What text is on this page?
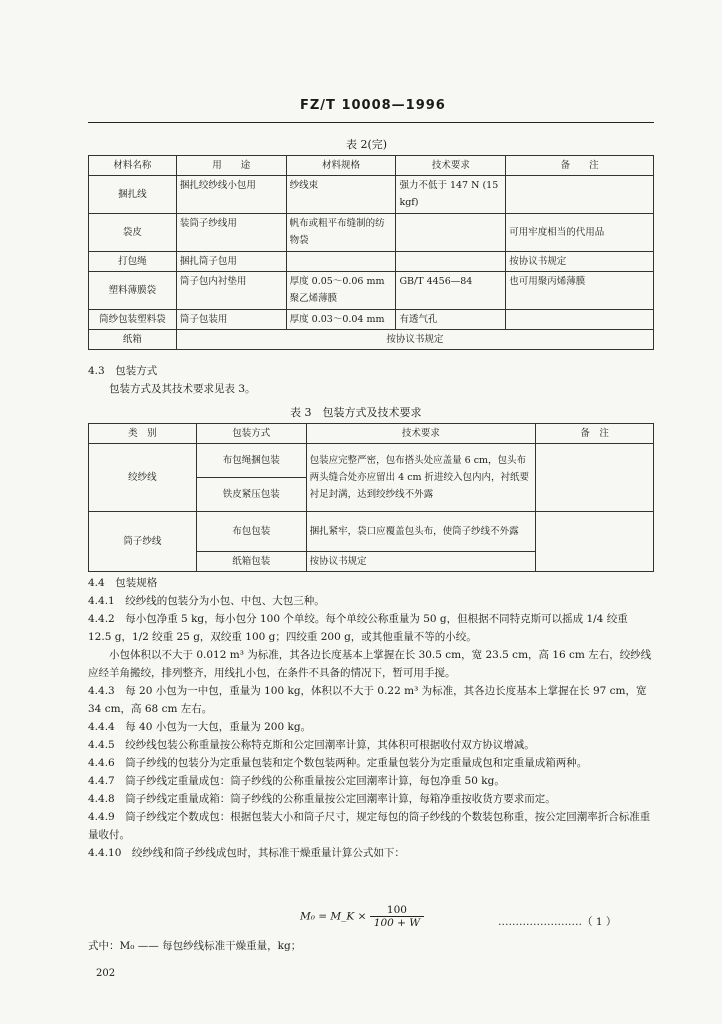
FZ/T 10008—1996
表 2(完)
材料名称	用　　途	材料规格	技术要求	备　　注
捆扎线	捆扎绞纱线小包用	纱线束	强力不低于 147 N (15 kgf)	
袋皮	装筒子纱线用	帆布或粗平布缝制的纺物袋		可用牢度相当的代用品
打包绳	捆扎筒子包用			按协议书规定
塑料薄膜袋	筒子包内衬垫用	厚度 0.05～0.06 mm 聚乙烯薄膜	GB/T 4456—84	也可用聚丙烯薄膜
筒纱包装塑料袋	筒子包装用	厚度 0.03～0.04 mm	有透气孔	
纸箱	按协议书规定			

4.3　包装方式

包装方式及其技术要求见表 3。

表 3　包装方式及技术要求
类　别	包装方式	技术要求	备　注
绞纱线	布包绳捆包装	包装应完整严密，包布搭头处应盖量 6 cm，包头布两头缝合处亦应留出 4 cm 折进绞入包内内，衬纸要衬足封满，达到绞纱线不外露	
	铁皮紧压包装		
筒子纱线	布包包装	捆扎紧牢，袋口应覆盖包头布，使筒子纱线不外露	
	纸箱包装	按协议书规定	

4.4　包装规格

4.4.1　绞纱线的包装分为小包、中包、大包三种。

4.4.2　每小包净重 5 kg，每小包分 100 个单绞。每个单绞公称重量为 50 g，但根据不同特克斯可以摇成 1/4 绞重 12.5 g，1/2 绞重 25 g，双绞重 100 g；四绞重 200 g，或其他重量不等的小绞。

小包体积以不大于 0.012 m³ 为标准，其各边长度基本上掌握在长 30.5 cm，宽 23.5 cm，高 16 cm 左右，绞纱线应经羊角搬绞，排列整齐，用线扎小包，在条件不具备的情况下，暂可用手搅。

4.4.3　每 20 小包为一中包，重量为 100 kg，体积以不大于 0.22 m³ 为标准，其各边长度基本上掌握在长 97 cm，宽 34 cm，高 68 cm 左右。

4.4.4　每 40 小包为一大包，重量为 200 kg。

4.4.5　绞纱线包装公称重量按公称特克斯和公定回潮率计算，其体积可根据收付双方协议增减。

4.4.6　筒子纱线的包装分为定重量包装和定个数包装两种。定重量包装分为定重量成包和定重量成箱两种。

4.4.7　筒子纱线定重量成包：筒子纱线的公称重量按公定回潮率计算，每包净重 50 kg。

4.4.8　筒子纱线定重量成箱：筒子纱线的公称重量按公定回潮率计算，每箱净重按收货方要求而定。

4.4.9　筒子纱线定个数成包：根据包装大小和筒子尺寸，规定每包的筒子纱线的个数装包称重，按公定回潮率折合标准重量收付。

4.4.10　绞纱线和筒子纱线成包时，其标准干燥重量计算公式如下：

M₀ = M_K × $\frac{100}{100 + W}$	……………………（ 1 ）
式中：M₀ —— 每包纱线标准干燥重量，kg；
202
